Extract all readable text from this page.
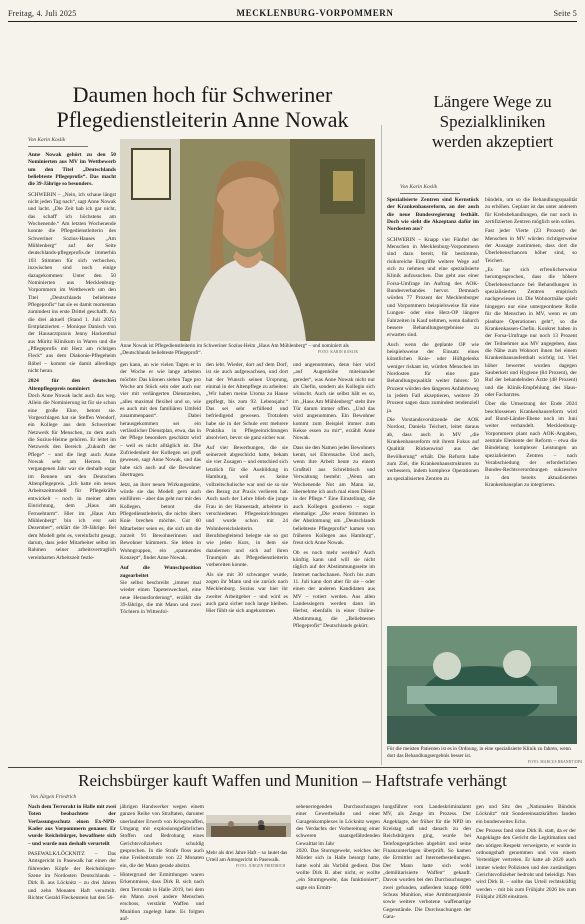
Freitag, 4. Juli 2025	MECKLENBURG-VORPOMMERN	Seite 5
Daumen hoch für Schweriner
Pflegedienstleiterin Anne Nowak
Längere Wege zu
Spezialkliniken
werden akzeptiert
Von Karin Koslik

Anne Nowak gehört zu den 50 Nominierten aus MV im Wettbewerb um den Titel „Deutschlands beliebteste Pflegeprofis“. Das macht die 39-Jährige so besonders.

SCHWERIN – „Nein, ich schaue längst nicht jeden Tag nach“, sagt Anne Nowak und lacht. „Die Zeit hab ich gar nicht, das schaff' ich höchstens am Wochenende.“ Am letzten Wochenende konnte die Pflegedienstleiterin des Schweriner Sozius-Hauses „Am Mühlenberg“ auf der Seite deutschlands-pflegeprofis.de immerhin 103 Stimmen für sich verbuchen, inzwischen sind noch einige dazugekommen: Unter den 50 Nominierten aus Mecklenburg-Vorpommern im Wettbewerb um den Titel „Deutschlands beliebteste Pflegeprofis“ hat sie es damit momentan zumindest ins erste Drittel geschafft. An die drei aktuell (Stand 1. Juli 2025) Erstplatzierten – Monique Danisch von der Hausarztpraxis Jenny Hackenthal aus Müritz Klinikum in Waren und die „Pflegeprofis mit Herz am richtigen Fleck“ aus dem Diakonie-Pflegeheim Röbel – kommt sie damit allerdings nicht heran.

2024 für den deutschen Altenpflegepreis nominiert

Doch Anne Nowak lacht auch das weg. Allein die Nominierung ist für sie schon eine große Ehre, betont sie. Vorgeschlagen hat sie Steffen Wendorf, ein Kollege aus dem Schweriner Netzwerk für Menschen, zu dem auch die Sozius-Heime gehören. Er leitet im Netzwerk den Bereich „Zukunft der Pflege“ – und die liegt auch Anne Nowak sehr am Herzen. Im vergangenen Jahr war sie deshalb sogar im Rennen um den Deutschen Altenpflegepreis. „Ich hatte ein neues Arbeitszeitmodell für Pflegekräfte entwickelt – noch in meiner alten Einrichtung, dem „Haus am Fernsehturm“. Hier im „Haus Am Mühlenberg“ bin ich erst seit Dezember“, erklärt die 39-Jährige. Bei dem Modell geht es, vereinfacht gesagt, darum, dass jeder Mitarbeiter selbst im Rahmen seiner arbeitsvertraglich vereinbarten Arbeitszeit festle-

Anne Nowak ist Pflegedienstleiterin im Schweriner Sozius-Heim „Haus Am Mühlenberg“ – und nominiert als „Deutschlands beliebteste Pflegeprofi“.	FOTO: KARIN KOSLIK

gen kann, an wie vielen Tagen er in der Woche er wie lange arbeiten möchte: Das können sieben Tage pro Woche am Stück sein oder auch nur vier mit verlängerten Dienstzeiten, „alles maximal flexibel und so, wie es auch mit den familiären Umfeld zusammenpasst“. Dabei herausgekommen sei ein verlässlicher Dienstplan, etwa, das in der Pflege besonders geschätzt wird – weil es nicht alltäglich ist. Die Zufriedenheit der Kollegen sei groß gewesen, sagt Anne Nowak, und das habe sich auch auf die Bewohner übertragen.

Jetzt, an ihrer neuen Wirkungsstätte, würde sie das Modell gern auch einführen – aber das geht nur mit den Kollegen, betont die Pflegedienstleiterin, die nichts übers Knie brechen möchte. Gut 60 Mitarbeiter seien es, die sich um die zurzeit 91 Bewohnerinnen und Bewohner kümmern. Sie leben in Wohngruppen, ein „spannendes Konzept“, findet Anne Nowak.

Auf die Wunschposition zugearbeitet

Sie selbst beschreibt „immer mal wieder einen Tapetenwechsel, eine neue Herausforderung“, erzählt die 39-Jährige, die mit Mann und zwei Töchtern in Wittenfol-

den lebt. Wieder, dort auf dem Dorf, ist sie auch aufgewachsen, und dort hat der Wunsch seinen Ursprung, einmal in der Altenpflege zu arbeiten: „Wir haben meine Uroma zu Hause gepflegt, bis zum 92. Lebensjahr.“ Das sei sehr erfüllend und befriedigend gewesen. Trotzdem habe sie in der Schule erst mehrere Praktika in Pflegeeinrichtungen absolviert, bevor sie ganz sicher war.

Auf vier Bewerbungen, die sie seinerzeit abgeschickt hatte, bekam sie vier Zusagen – und entschied sich letztlich für die Ausbildung in Hamburg, weil es keine vollzeitschulische war und sie so nie den Bezug zur Praxis verlieren hat. Auch nach der Lehre blieb die junge Frau in der Hansestadt, arbeitete in verschiedenen Pflegeeinrichtungen und wurde schon mit 24 Wohnbereichsleiterin. Berufsbegleitend belegte sie so gut wie jeden Kurs, in dem sie dazulernen und sich auf ihren Traumjob als Pflegedienstleiterin vorbereiten konnte.

Als sie mit 30 schwanger wurde, zogen ihr Mann und sie zurück nach Mecklenburg. Sozius war hier ihr zweiter Arbeitgeber – und wird es auch ganz sicher noch lange bleiben. Hier fühlt sie sich angekommen

und angenommen, denn hier wird „auf Augenhöhe miteinander geredet“, was Anne Nowak nicht nur als Chefin, sondern als Kollegin sich wünscht. Auch sie selbst hält es so, im „Haus Am Mühlenberg“ steht ihre Tür darum immer offen. „Und das wird angenommen. Ein Bewohner kommt zum Beispiel immer zum Kekse essen zu mir“, erzählt Anne Nowak.

Dass sie den Namen jedes Bewohners kennt, sei Ehrensache. Und auch, wenn ihre Arbeit heute zu einem Großteil aus Schreibtisch und Verwaltung besteht: „Wenn am Wochenende Not am Mann ist, übernehme ich auch mal einen Dienst in der Pflege.“ Eine Einstellung, die auch Kollegen goutieren – sogar ehemalige: „Die ersten Stimmen in der Abstimmung um „Deutschlands beliebteste Pflegeprofis“ kamen von früheren Kollegen aus Hamburg“, freut sich Anne Nowak.

Ob es noch mehr werden? Auch künftig kann und will sie nicht täglich auf der Abstimmungsseite im Internet nachschauen. Noch bis zum 11. Juli kann dort aber für sie – oder einen der anderen Kandidaten aus MV – votiert werden. Aus allen Landessiegern werden dann im Herbst, ebenfalls in einer Online-Abstimmung, die „Beliebtesten Pflegeprofis“ Deutschlands gekürt.

Von Karin Koslik

Spezialisierte Zentren sind Kernstück der Krankenhausreform, an der auch die neue Bundesregierung festhält. Doch wie sieht die Akzeptanz dafür im Nordosten aus?

SCHWERIN – Knapp vier Fünftel der Menschen in Mecklenburg-Vorpommern sind dazu bereit, für bestimmte, risikoreiche Eingriffe weitere Wege auf sich zu nehmen und eine spezialisierte Klinik aufzusuchen. Das geht aus einer Forsa-Umfrage im Auftrag des AOK-Bundesverbandes hervor. Demnach würden 77 Prozent der Mecklenburger und Vorpommern beispielsweise für eine Lungen- oder eine Herz-OP längere Fahrzeiten in Kauf nehmen, wenn dadurch bessere Behandlungsergebnisse zu erwarten sind.

Auch wenn die geplante OP wie beispielsweise der Einsatz eines künstlichen Knie- oder Hüftgelenks weniger riskant ist, würden Menschen im Nordosten für eine gute Behandlungsqualität weiter fahren: 50 Prozent würden den längeren Anfahrtsweg in jedem Fall akzeptieren, weitere 39 Prozent sagen dazu zumindest tendenziell ja.

Die Vorstandsvorsitzende der AOK Nordost, Daniela Teichert, leitet daraus ab, dass auch in MV „die Krankenhausreform mit ihrem Fokus auf Qualität Rückenwind aus der Bevölkerung“ erhält. Die Reform habe zum Ziel, die Krankenhausstrukturen zu verbessern, indem komplexe Operationen an spezialisierten Zentren zu

bündeln, um so die Behandlungsqualität zu erhöhen. Geplant ist das unter anderem für Krebsbehandlungen, die nur noch in zertifizierten Zentren möglich sein sollen.

Fast jeder Vierte (23 Prozent) der Menschen in MV würden richtigerweise der Aussage zustimmen, dass dort die Überlebenschancen höher sind, so Teichert.

„Es hat sich erfreulicherweise herumgesprochen, dass die höhere Überlebenschance bei Behandlungen in spezialisierten Zentren empirisch nachgewiesen ist. Die Wohnortnähe spielt hingegen nur eine untergeordnete Rolle für die Menschen in MV, wenn es um planbare Operationen geht“, so die Krankenkassen-Chefin. Konkret haben in der Forsa-Umfrage nur noch 13 Prozent der Teilnehmer aus MV angegeben, dass die Nähe zum Wohnort ihnen bei einem Krankenhausaufenthalt wichtig ist. Viel höher bewertet wurden dagegen Sauberkeit und Hygiene (84 Prozent), der Ruf der behandelnden Ärzte (48 Prozent) und die Klinik-Empfehlung des Haus- oder Facharztes.

Über die Umsetzung der Ende 2024 beschlossenen Krankenhausreform wird auf Bund-Länder-Ebene noch im Juni weiter verhandelt. Mecklenburg-Vorpommern plant nach AOK-Angaben, zentrale Elemente der Reform – etwa die Bündelung komplexer Leistungen an spezialisierten Zentren – nach Verabschiedung der erforderlichen Bundes-Rechtsverordnungen sukzessive in den bereits aktualisierten Krankenhausplan zu integrieren.

Für die meisten Patienten ist es in Ordnung, in eine spezialisierte Klinik zu fahren, wenn dort das Behandlungsergebnis besser ist.
FOTO: MARCUS BRANDT/DPA
Reichsbürger kauft Waffen und Munition – Haftstrafe verhängt
Von Jürgen Friedrich

Nach dem Terrorakt in Halle mit zwei Toten beobachtete der Verfassungsschutz einen Ex-NPD-Kader aus Vorpommern genauer. Er wurde Reichsbürger, bewaffnete sich – und wurde nun deshalb verurteilt

PASEWALK/LÖCKNITZ – Das Amtsgericht in Pasewalk hat einen der führenden Köpfe der Reichsbürger-Szene im Nordosten Deutschlands – Dirk B. aus Löcknitz – zu drei Jahren und zehn Monaten Haft verurteilt. Richter Gerald Fleckenstein hat den 56-

jährigen Handwerker wegen einem ganzen Reihe von Straftaten, darunter unerlaubter Erwerb von Kriegswaffen, Umgang mit explosionsgefährlichen Stoffen und Bedrohung eines Gerichtsvollziehers schuldig gesprochen. In die Strafe floss auch eine Freiheitsstrafe von 22 Monaten ein, die der Mann gerade absitzt.

Hintergrund der Ermittlungen waren Erkenntnisse, dass Dirk B. sich nach dem Terrorakt in Halle 2019, bei dem ein Mann zwei andere Menschen erschoss, verstärkt Waffen und Munition zugelegt hatte. Es folgten auf-

Mehr als drei Jahre Haft – so lautet das Urteil am Amtsgericht in Pasewalk.
FOTO: JÜRGEN FRIEDRICH

lungsführer vom Landeskriminalamt MV, als Zeuge im Prozess. Der Angeklagte, der früher für die NPD im Kreistag saß und danach zu den Reichsbürgern ging, wurde bei Telefongesprächen abgehört und seine Finanzunterlagen überprüft. So kamen die Ermittler auf Internetbestellungen. Der Mann hatte sich wohl „demilitarisierte Waffen“ gekauft. Davon wurden bei den Durchsuchungen zwei gefunden, außerdem knapp 6000 Schuss Munition, eine Armbrustpistole sowie weitere verbotene waffenartige Gegenstände. Die Durchsuchungen der Gara-

gen und Sitz des „Nationalen Bündnis Löcknitz“ mit Sondereinsatzkräften fanden ein bundesweites Echo.

Der Prozess fand ohne Dirk B. statt, da er der Angeklagte den Gericht die Legitimation und den nötigen Respekt verweigerte, er wurde in ordnungshaft genommen und von einem Verteidiger vertreten. Er hatte ab 2020 auch immer wieder Polizisten und den zuständigen Gerichtsvollzieher bedroht und beleidigt. Nun wird Dirk B. – sollte das Urteil rechtskräftig werden – mit bis zum Frühjahr 2026 bis zum Frühjahr 2028 einsitzen.

sehenerregenden Durchsuchungen einer Gewerbehalle und einer Garagenkomplexes in Löcknitz wegen des Verdachts der Vorbereitung einer schweren staatsgefährdenden Gewalttat im Jahr

2020. Das Sturmgewehr, welches der Mörder sich in Halle besorgt hatte, hatte wohl als Vorbild gedient. Das wollte Dirk B. aber nicht, er wollte „ein Sturmgewehr, das funktioniert“, sagte ein Ermitt-
